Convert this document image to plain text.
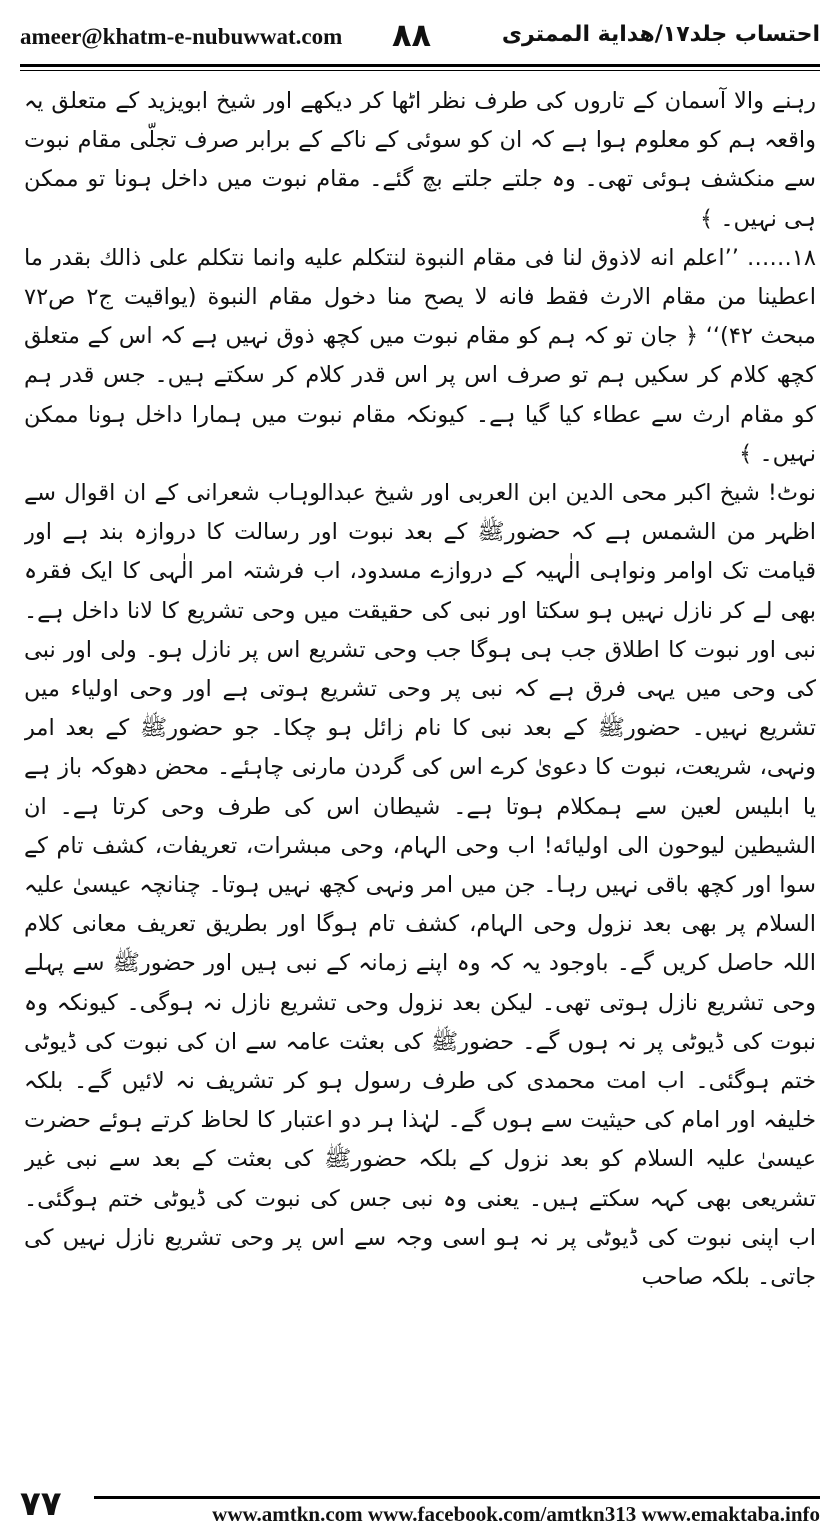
ameer@khatm-e-nubuwwat.com ۸۸	احتساب جلد۱۷/هداية الممترى

رہنے والا آسمان کے تاروں کی طرف نظر اٹھا کر دیکھے اور شیخ ابویزید کے متعلق یہ واقعہ ہم کو معلوم ہوا ہے کہ ان کو سوئی کے ناکے کے برابر صرف تجلّی مقام نبوت سے منکشف ہوئی تھی۔ وہ جلتے جلتے بچ گئے۔ مقام نبوت میں داخل ہونا تو ممکن ہی نہیں۔ ﴾

۱۸…… ’’اعلم انه لاذوق لنا فی مقام النبوة لنتكلم علیه وانما نتكلم علی ذالك بقدر ما اعطینا من مقام الارث فقط فانه لا یصح منا دخول مقام النبوة (یواقیت ج۲ ص۷۲ مبحث ۴۲)‘‘ ﴿ جان تو کہ ہم کو مقام نبوت میں کچھ ذوق نہیں ہے کہ اس کے متعلق کچھ کلام کر سکیں ہم تو صرف اس پر اس قدر کلام کر سکتے ہیں۔ جس قدر ہم کو مقام ارث سے عطاء کیا گیا ہے۔ کیونکہ مقام نبوت میں ہمارا داخل ہونا ممکن نہیں۔ ﴾

نوٹ! شیخ اکبر محی الدین ابن العربی اور شیخ عبدالوہاب شعرانی کے ان اقوال سے اظہر من الشمس ہے کہ حضورﷺ کے بعد نبوت اور رسالت کا دروازہ بند ہے اور قیامت تک اوامر ونواہی الٰہیہ کے دروازے مسدود، اب فرشتہ امر الٰہی کا ایک فقرہ بھی لے کر نازل نہیں ہو سکتا اور نبی کی حقیقت میں وحی تشریع کا لانا داخل ہے۔ نبی اور نبوت کا اطلاق جب ہی ہوگا جب وحی تشریع اس پر نازل ہو۔ ولی اور نبی کی وحی میں یہی فرق ہے کہ نبی پر وحی تشریع ہوتی ہے اور وحی اولیاء میں تشریع نہیں۔ حضورﷺ کے بعد نبی کا نام زائل ہو چکا۔ جو حضورﷺ کے بعد امر ونہی، شریعت، نبوت کا دعویٰ کرے اس کی گردن مارنی چاہئے۔ محض دھوکہ باز ہے یا ابلیس لعین سے ہمکلام ہوتا ہے۔ شیطان اس کی طرف وحی کرتا ہے۔ ان الشیطین لیوحون الی اولیائه! اب وحی الہام، وحی مبشرات، تعریفات، کشف تام کے سوا اور کچھ باقی نہیں رہا۔ جن میں امر ونہی کچھ نہیں ہوتا۔ چنانچہ عیسیٰ علیہ السلام پر بھی بعد نزول وحی الہام، کشف تام ہوگا اور بطریق تعریف معانی کلام اللہ حاصل کریں گے۔ باوجود یہ کہ وہ اپنے زمانہ کے نبی ہیں اور حضورﷺ سے پہلے وحی تشریع نازل ہوتی تھی۔ لیکن بعد نزول وحی تشریع نازل نہ ہوگی۔ کیونکہ وہ نبوت کی ڈیوٹی پر نہ ہوں گے۔ حضورﷺ کی بعثت عامہ سے ان کی نبوت کی ڈیوٹی ختم ہوگئی۔ اب امت محمدی کی طرف رسول ہو کر تشریف نہ لائیں گے۔ بلکہ خلیفہ اور امام کی حیثیت سے ہوں گے۔ لہٰذا ہر دو اعتبار کا لحاظ کرتے ہوئے حضرت عیسیٰ علیہ السلام کو بعد نزول کے بلکہ حضورﷺ کی بعثت کے بعد سے نبی غیر تشریعی بھی کہہ سکتے ہیں۔ یعنی وہ نبی جس کی نبوت کی ڈیوٹی ختم ہوگئی۔ اب اپنی نبوت کی ڈیوٹی پر نہ ہو اسی وجہ سے اس پر وحی تشریع نازل نہیں کی جاتی۔ بلکہ صاحب

۷۷	www.amtkn.com www.facebook.com/amtkn313 www.emaktaba.info
